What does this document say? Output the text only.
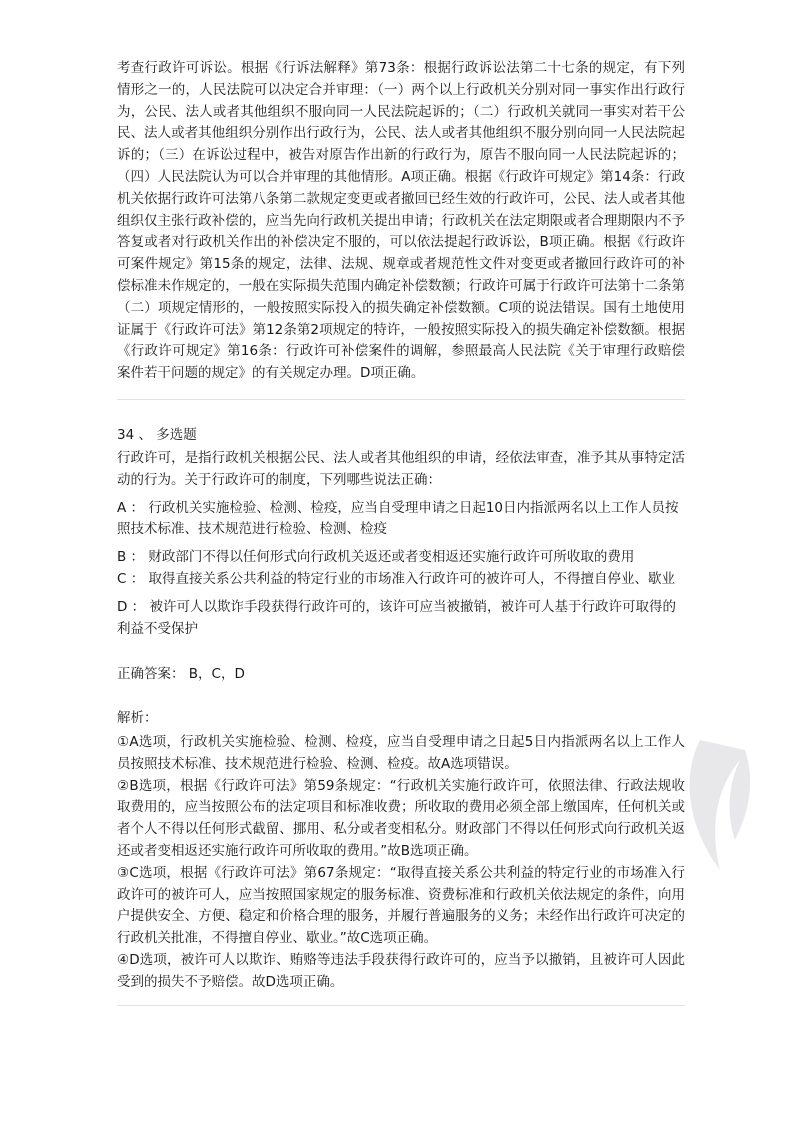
考查行政许可诉讼。根据《行诉法解释》第73条：根据行政诉讼法第二十七条的规定，有下列情形之一的，人民法院可以决定合并审理：（一）两个以上行政机关分别对同一事实作出行政行为，公民、法人或者其他组织不服向同一人民法院起诉的；（二）行政机关就同一事实对若干公民、法人或者其他组织分别作出行政行为，公民、法人或者其他组织不服分别向同一人民法院起诉的；（三）在诉讼过程中，被告对原告作出新的行政行为，原告不服向同一人民法院起诉的；（四）人民法院认为可以合并审理的其他情形。A项正确。根据《行政许可规定》第14条：行政机关依据行政许可法第八条第二款规定变更或者撤回已经生效的行政许可，公民、法人或者其他组织仅主张行政补偿的，应当先向行政机关提出申请；行政机关在法定期限或者合理期限内不予答复或者对行政机关作出的补偿决定不服的，可以依法提起行政诉讼，B项正确。根据《行政许可案件规定》第15条的规定，法律、法规、规章或者规范性文件对变更或者撤回行政许可的补偿标准未作规定的，一般在实际损失范围内确定补偿数额；行政许可属于行政许可法第十二条第（二）项规定情形的，一般按照实际投入的损失确定补偿数额。C项的说法错误。国有土地使用证属于《行政许可法》第12条第2项规定的特许，一般按照实际投入的损失确定补偿数额。根据《行政许可规定》第16条：行政许可补偿案件的调解，参照最高人民法院《关于审理行政赔偿案件若干问题的规定》的有关规定办理。D项正确。

34 、 多选题

行政许可，是指行政机关根据公民、法人或者其他组织的申请，经依法审查，准予其从事特定活动的行为。关于行政许可的制度，下列哪些说法正确：

A ： 行政机关实施检验、检测、检疫，应当自受理申请之日起10日内指派两名以上工作人员按照技术标准、技术规范进行检验、检测、检疫

B ： 财政部门不得以任何形式向行政机关返还或者变相返还实施行政许可所收取的费用

C ： 取得直接关系公共利益的特定行业的市场准入行政许可的被许可人，不得擅自停业、歇业

D ： 被许可人以欺诈手段获得行政许可的，该许可应当被撤销，被许可人基于行政许可取得的利益不受保护

正确答案： B，C，D

解析：

①A选项，行政机关实施检验、检测、检疫，应当自受理申请之日起5日内指派两名以上工作人员按照技术标准、技术规范进行检验、检测、检疫。故A选项错误。

②B选项，根据《行政许可法》第59条规定：“行政机关实施行政许可，依照法律、行政法规收取费用的，应当按照公布的法定项目和标准收费；所收取的费用必须全部上缴国库，任何机关或者个人不得以任何形式截留、挪用、私分或者变相私分。财政部门不得以任何形式向行政机关返还或者变相返还实施行政许可所收取的费用。”故B选项正确。

③C选项，根据《行政许可法》第67条规定：“取得直接关系公共利益的特定行业的市场准入行政许可的被许可人，应当按照国家规定的服务标准、资费标准和行政机关依法规定的条件，向用户提供安全、方便、稳定和价格合理的服务，并履行普遍服务的义务；未经作出行政许可决定的行政机关批准，不得擅自停业、歇业。”故C选项正确。

④D选项，被许可人以欺诈、贿赂等违法手段获得行政许可的，应当予以撤销，且被许可人因此受到的损失不予赔偿。故D选项正确。
